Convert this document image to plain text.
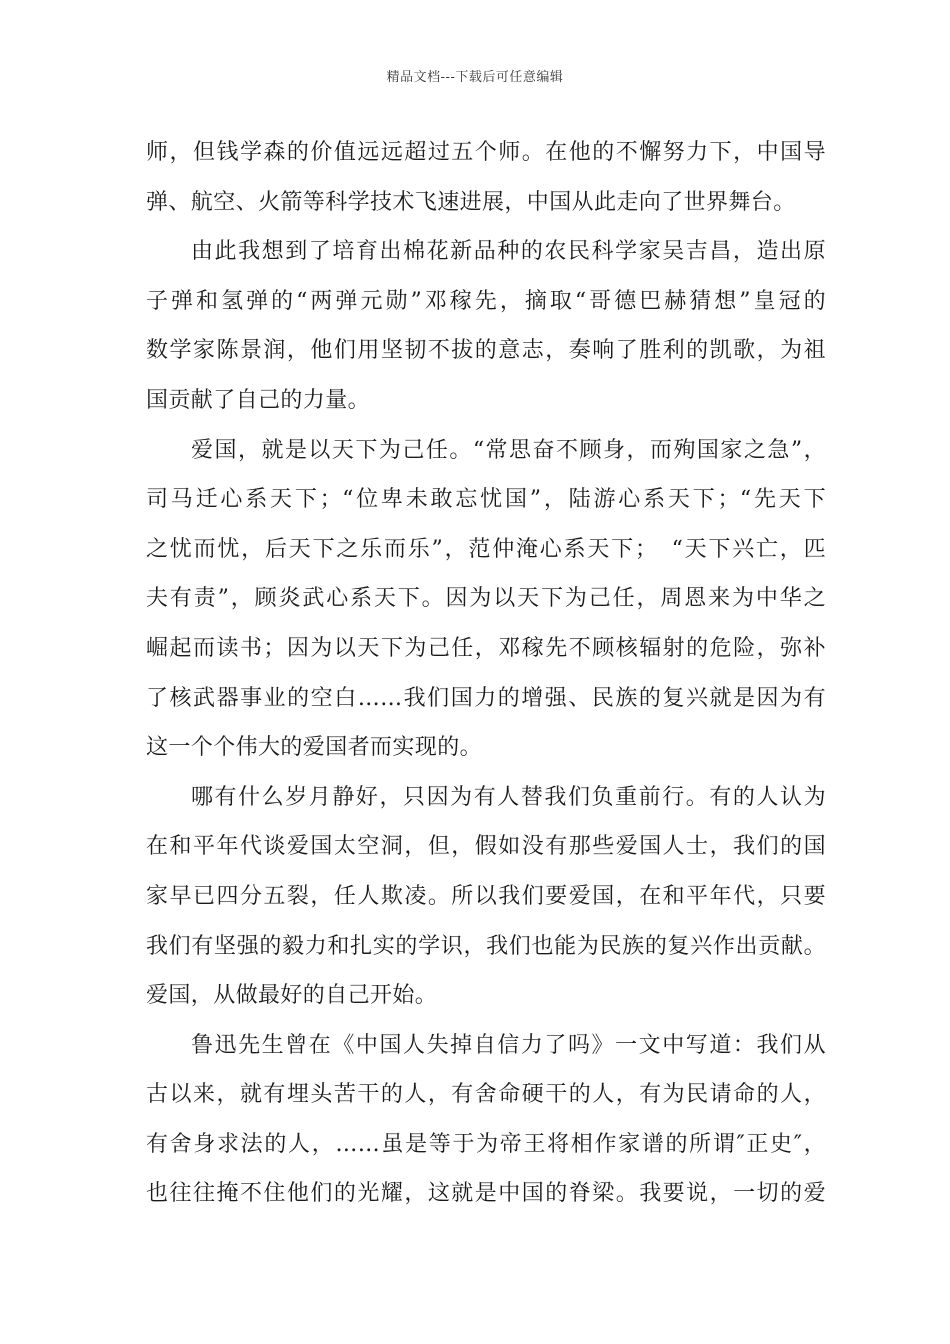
精品文档---下载后可任意编辑
师，但钱学森的价值远远超过五个师。在他的不懈努力下，中国导
弹、航空、火箭等科学技术飞速进展，中国从此走向了世界舞台。
由此我想到了培育出棉花新品种的农民科学家吴吉昌，造出原
子弹和氢弹的“两弹元勋”邓稼先，摘取“哥德巴赫猜想”皇冠的
数学家陈景润，他们用坚韧不拔的意志，奏响了胜利的凯歌，为祖
国贡献了自己的力量。
爱国，就是以天下为己任。“常思奋不顾身，而殉国家之急”，
司马迁心系天下；“位卑未敢忘忧国”，陆游心系天下；“先天下
之忧而忧，后天下之乐而乐”，范仲淹心系天下；　“天下兴亡，匹
夫有责”，顾炎武心系天下。因为以天下为己任，周恩来为中华之
崛起而读书；因为以天下为己任，邓稼先不顾核辐射的危险，弥补
了核武器事业的空白……我们国力的增强、民族的复兴就是因为有
这一个个伟大的爱国者而实现的。
哪有什么岁月静好，只因为有人替我们负重前行。有的人认为
在和平年代谈爱国太空洞，但，假如没有那些爱国人士，我们的国
家早已四分五裂，任人欺凌。所以我们要爱国，在和平年代，只要
我们有坚强的毅力和扎实的学识，我们也能为民族的复兴作出贡献。
爱国，从做最好的自己开始。
鲁迅先生曾在《中国人失掉自信力了吗》一文中写道：我们从
古以来，就有埋头苦干的人，有舍命硬干的人，有为民请命的人，
有舍身求法的人，……虽是等于为帝王将相作家谱的所谓″正史″，
也往往掩不住他们的光耀，这就是中国的脊梁。我要说，一切的爱
